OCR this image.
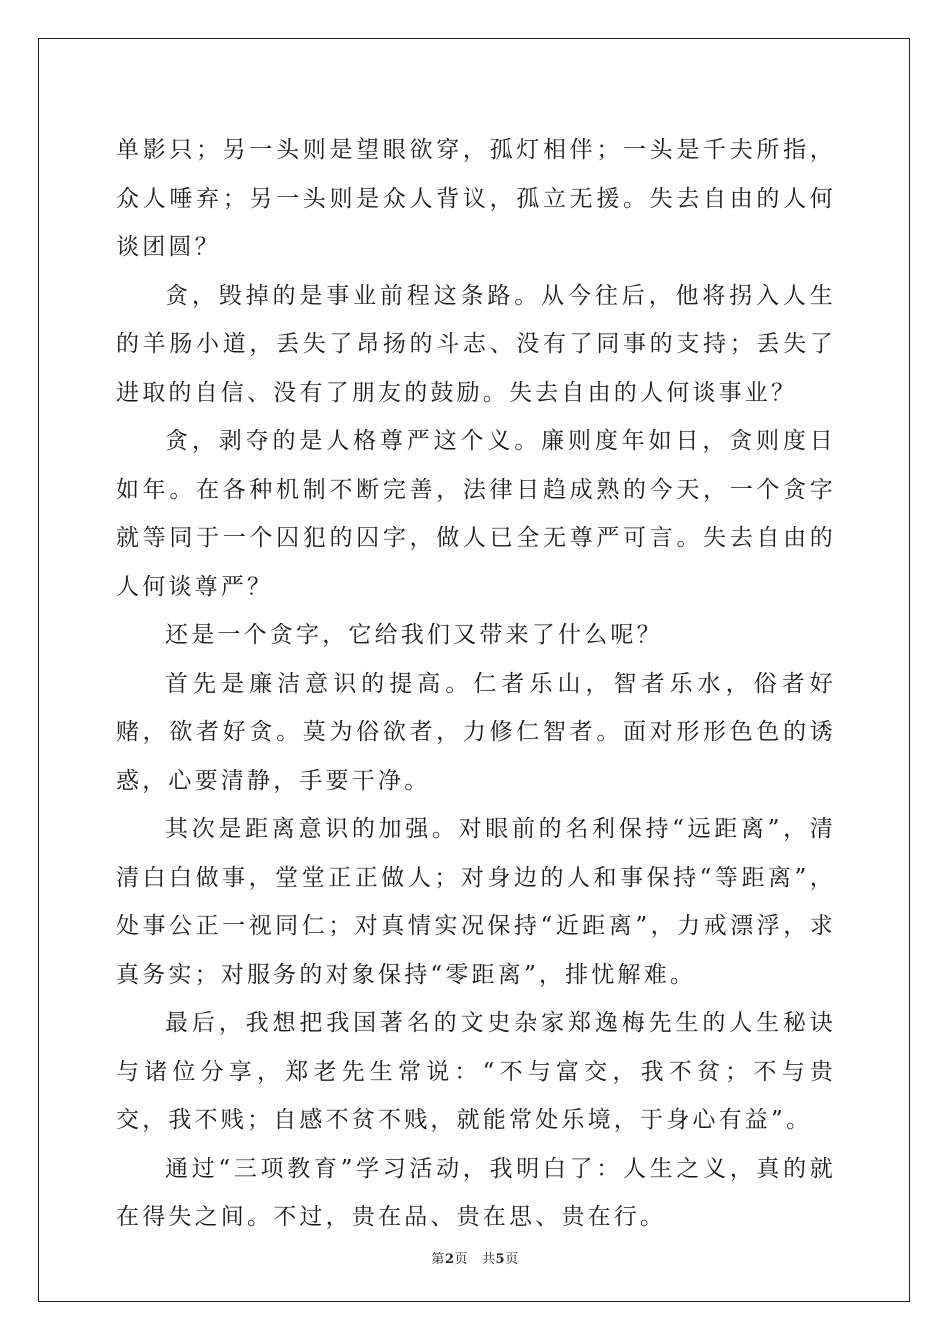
单影只；另一头则是望眼欲穿，孤灯相伴；一头是千夫所指，众人唾弃；另一头则是众人背议，孤立无援。失去自由的人何谈团圆？

贪，毁掉的是事业前程这条路。从今往后，他将拐入人生的羊肠小道，丢失了昂扬的斗志、没有了同事的支持；丢失了进取的自信、没有了朋友的鼓励。失去自由的人何谈事业？

贪，剥夺的是人格尊严这个义。廉则度年如日，贪则度日如年。在各种机制不断完善，法律日趋成熟的今天，一个贪字就等同于一个囚犯的囚字，做人已全无尊严可言。失去自由的人何谈尊严？

还是一个贪字，它给我们又带来了什么呢？

首先是廉洁意识的提高。仁者乐山，智者乐水，俗者好赌，欲者好贪。莫为俗欲者，力修仁智者。面对形形色色的诱惑，心要清静，手要干净。

其次是距离意识的加强。对眼前的名利保持“远距离”，清清白白做事，堂堂正正做人；对身边的人和事保持“等距离”，处事公正一视同仁；对真情实况保持“近距离”，力戒漂浮，求真务实；对服务的对象保持“零距离”，排忧解难。

最后，我想把我国著名的文史杂家郑逸梅先生的人生秘诀与诸位分享，郑老先生常说：“不与富交，我不贫；不与贵交，我不贱；自感不贫不贱，就能常处乐境，于身心有益”。

通过“三项教育”学习活动，我明白了：人生之义，真的就在得失之间。不过，贵在品、贵在思、贵在行。

第2页 共5页
